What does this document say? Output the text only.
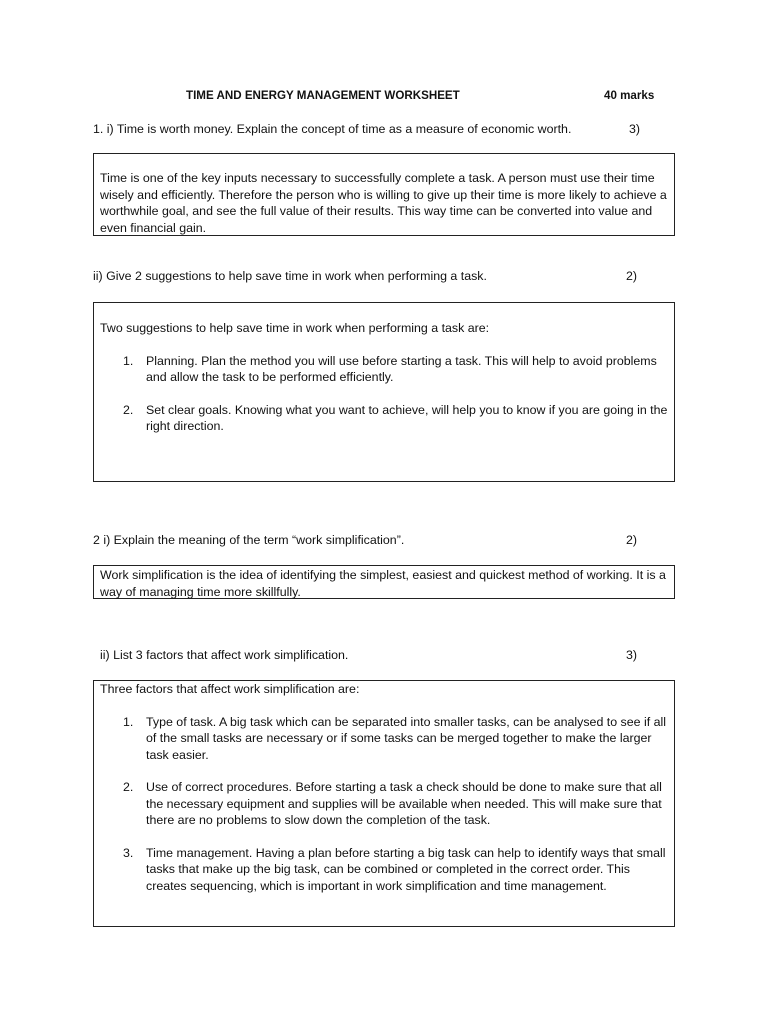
TIME AND ENERGY MANAGEMENT WORKSHEET	40 marks
1. i) Time is worth money. Explain the concept of time as a measure of economic worth.	3)

Time is one of the key inputs necessary to successfully complete a task. A person must use their time wisely and efficiently. Therefore the person who is willing to give up their time is more likely to achieve a worthwhile goal, and see the full value of their results. This way time can be converted into value and even financial gain.

ii) Give 2 suggestions to help save time in work when performing a task.	2)

Two suggestions to help save time in work when performing a task are:

1. Planning. Plan the method you will use before starting a task. This will help to avoid problems and allow the task to be performed efficiently.
2. Set clear goals. Knowing what you want to achieve, will help you to know if you are going in the right direction.
2 i) Explain the meaning of the term “work simplification”.	2)

Work simplification is the idea of identifying the simplest, easiest and quickest method of working. It is a way of managing time more skillfully.

ii) List 3 factors that affect work simplification.	3)

Three factors that affect work simplification are:

1. Type of task. A big task which can be separated into smaller tasks, can be analysed to see if all of the small tasks are necessary or if some tasks can be merged together to make the larger task easier.
2. Use of correct procedures. Before starting a task a check should be done to make sure that all the necessary equipment and supplies will be available when needed. This will make sure that there are no problems to slow down the completion of the task.
3. Time management. Having a plan before starting a big task can help to identify ways that small tasks that make up the big task, can be combined or completed in the correct order. This creates sequencing, which is important in work simplification and time management.
